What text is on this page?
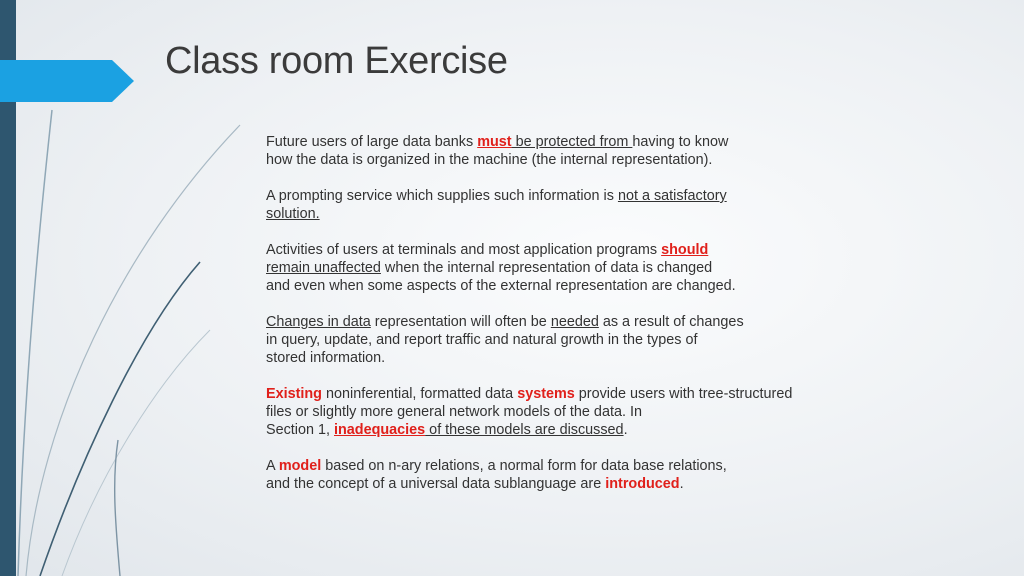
Class room Exercise
Future users of large data banks must be protected from having to know
how the data is organized in the machine (the internal representation).
A prompting service which supplies such information is not a satisfactory
solution.
Activities of users at terminals and most application programs should
remain unaffected when the internal representation of data is changed
and even when some aspects of the external representation are changed.
Changes in data representation will often be needed as a result of changes
in query, update, and report traffic and natural growth in the types of
stored information.
Existing noninferential, formatted data systems provide users with tree-structured
files or slightly more general network models of the data. In
Section 1, inadequacies of these models are discussed.
A model based on n-ary relations, a normal form for data base relations,
and the concept of a universal data sublanguage are introduced.
